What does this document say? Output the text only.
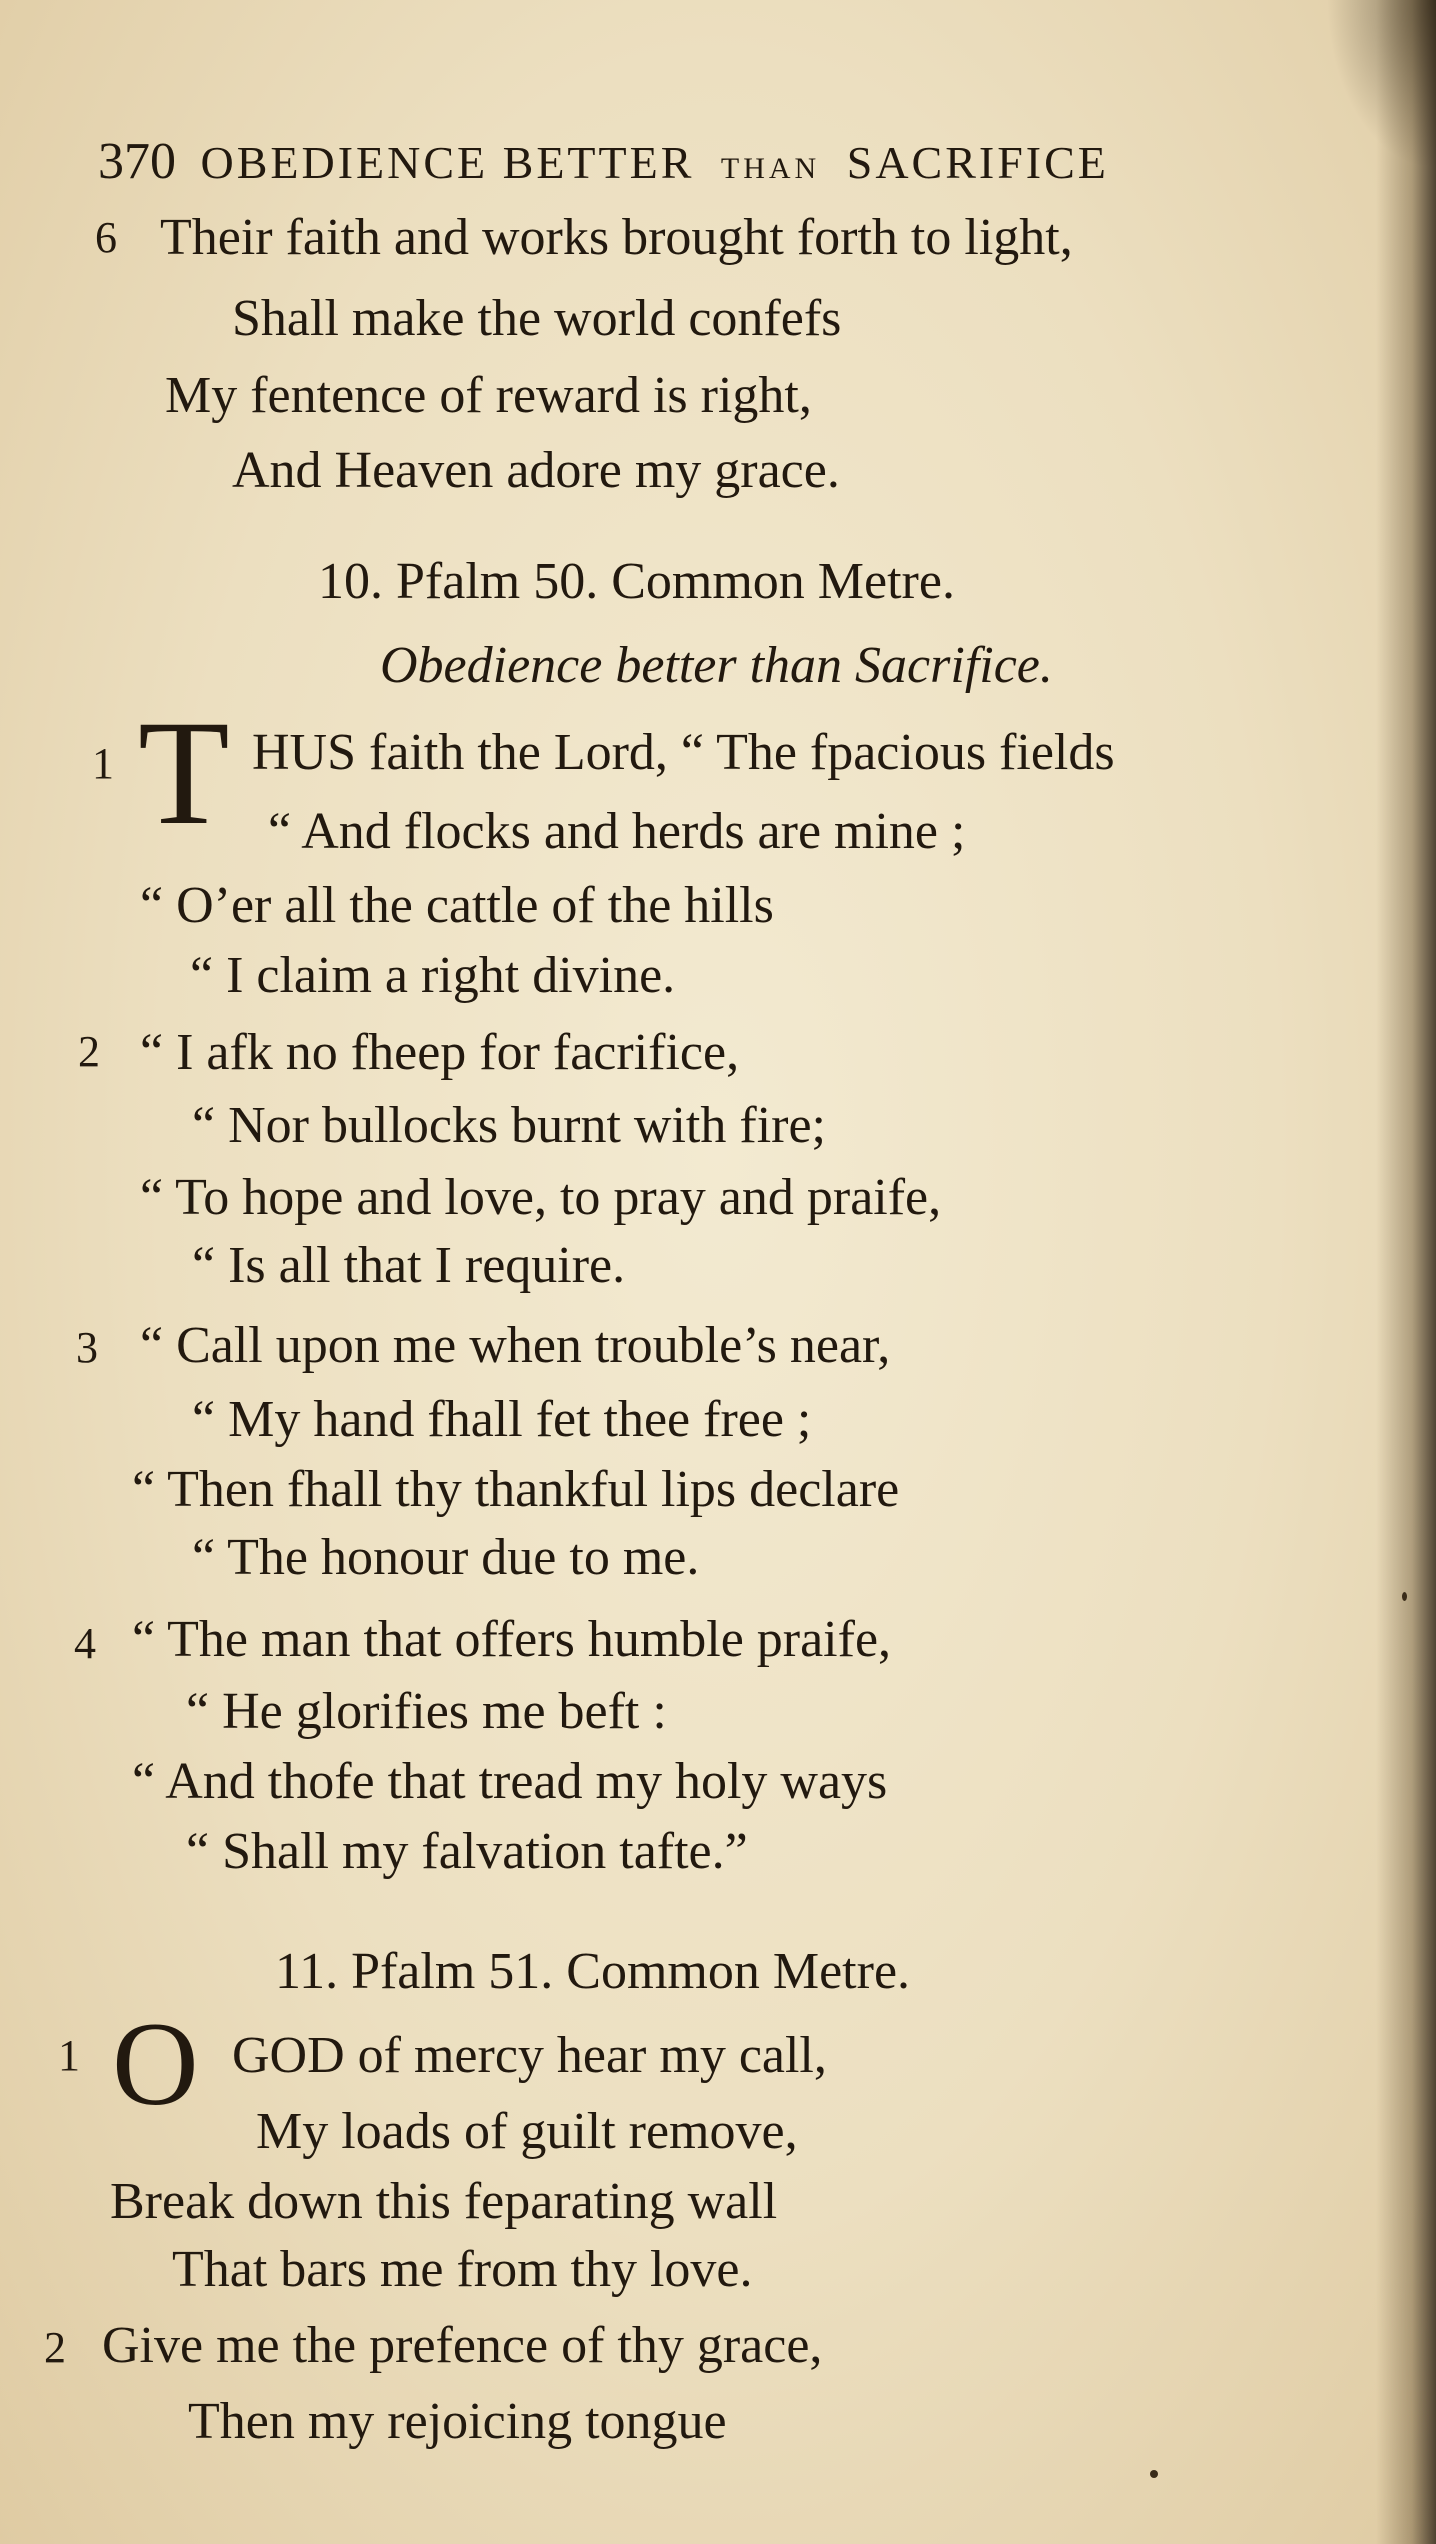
370 OBEDIENCE BETTER THAN SACRIFICE
6 Their faith and works brought forth to light,
Shall make the world confefs
My fentence of reward is right,
And Heaven adore my grace.
10. Pfalm 50. Common Metre.
Obedience better than Sacrifice.
1 T HUS faith the Lord, “ The fpacious fields
“ And flocks and herds are mine ;
“ O’er all the cattle of the hills
“ I claim a right divine.
2 “ I afk no fheep for facrifice,
“ Nor bullocks burnt with fire;
“ To hope and love, to pray and praife,
“ Is all that I require.
3 “ Call upon me when trouble’s near,
“ My hand fhall fet thee free ;
“ Then fhall thy thankful lips declare
“ The honour due to me.
4 “ The man that offers humble praife,
“ He glorifies me beft :
“ And thofe that tread my holy ways
“ Shall my falvation tafte.”
11. Pfalm 51. Common Metre.
1 O GOD of mercy hear my call,
My loads of guilt remove,
Break down this feparating wall
That bars me from thy love.
2 Give me the prefence of thy grace,
Then my rejoicing tongue
